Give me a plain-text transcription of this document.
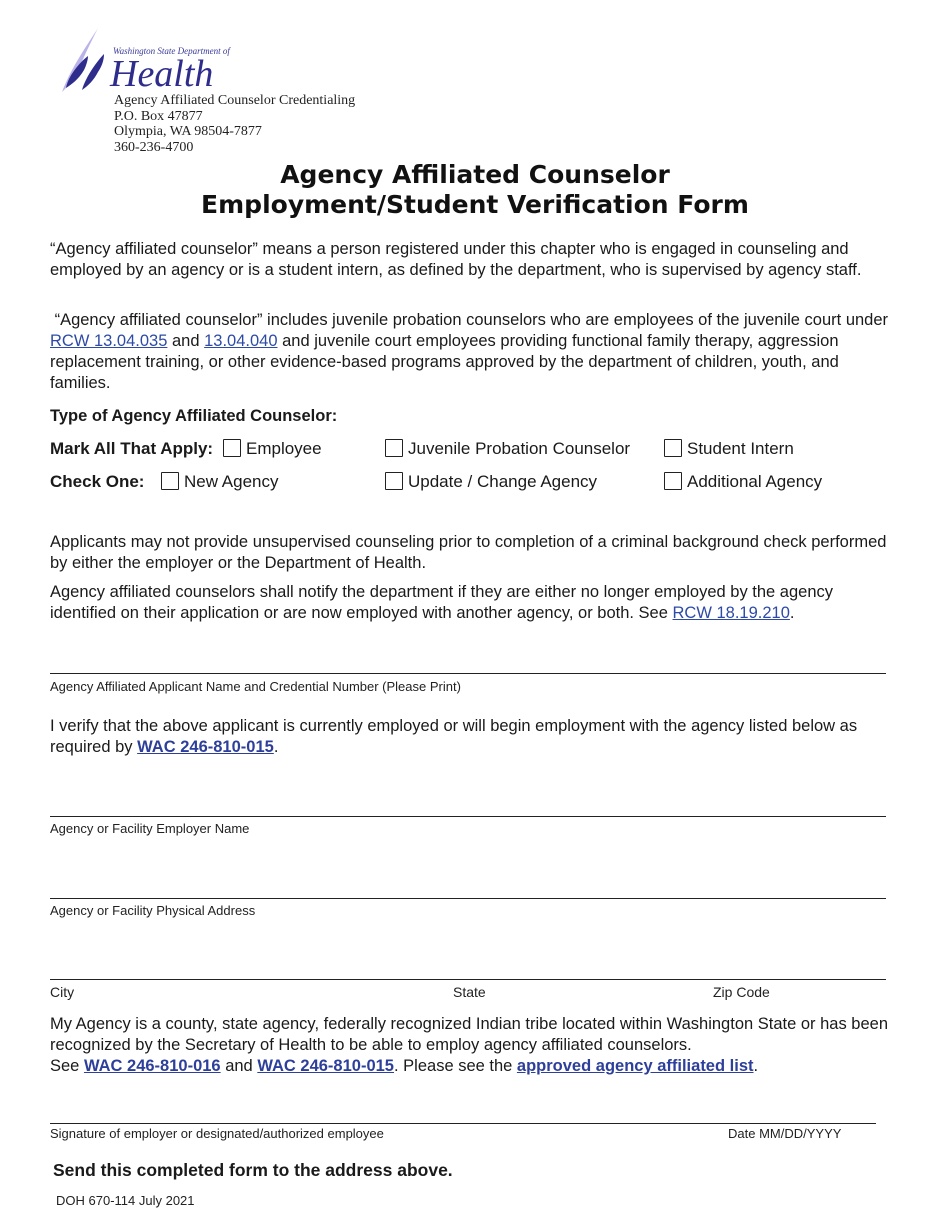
Washington State Department of
Health
Agency Affiliated Counselor Credentialing
P.O. Box 47877
Olympia, WA 98504-7877
360-236-4700
Agency Affiliated Counselor
Employment/Student Verification Form
“Agency affiliated counselor” means a person registered under this chapter who is engaged in counseling and employed by an agency or is a student intern, as defined by the department, who is supervised by agency staff.
“Agency affiliated counselor” includes juvenile probation counselors who are employees of the juvenile court under RCW 13.04.035 and 13.04.040 and juvenile court employees providing functional family therapy, aggression replacement training, or other evidence-based programs approved by the department of children, youth, and families.
Type of Agency Affiliated Counselor:
Mark All That Apply:	Employee	Juvenile Probation Counselor	Student Intern
Check One:	New Agency	Update / Change Agency	Additional Agency
Applicants may not provide unsupervised counseling prior to completion of a criminal background check performed by either the employer or the Department of Health.
Agency affiliated counselors shall notify the department if they are either no longer employed by the agency identified on their application or are now employed with another agency, or both. See RCW 18.19.210.
Agency Affiliated Applicant Name and Credential Number (Please Print)
I verify that the above applicant is currently employed or will begin employment with the agency listed below as required by WAC 246-810-015.
Agency or Facility Employer Name
Agency or Facility Physical Address
City	State	Zip Code
My Agency is a county, state agency, federally recognized Indian tribe located within Washington State or has been recognized by the Secretary of Health to be able to employ agency affiliated counselors.
See WAC 246-810-016 and WAC 246-810-015. Please see the approved agency affiliated list.
Signature of employer or designated/authorized employee	Date MM/DD/YYYY
Send this completed form to the address above.
DOH 670-114 July 2021
